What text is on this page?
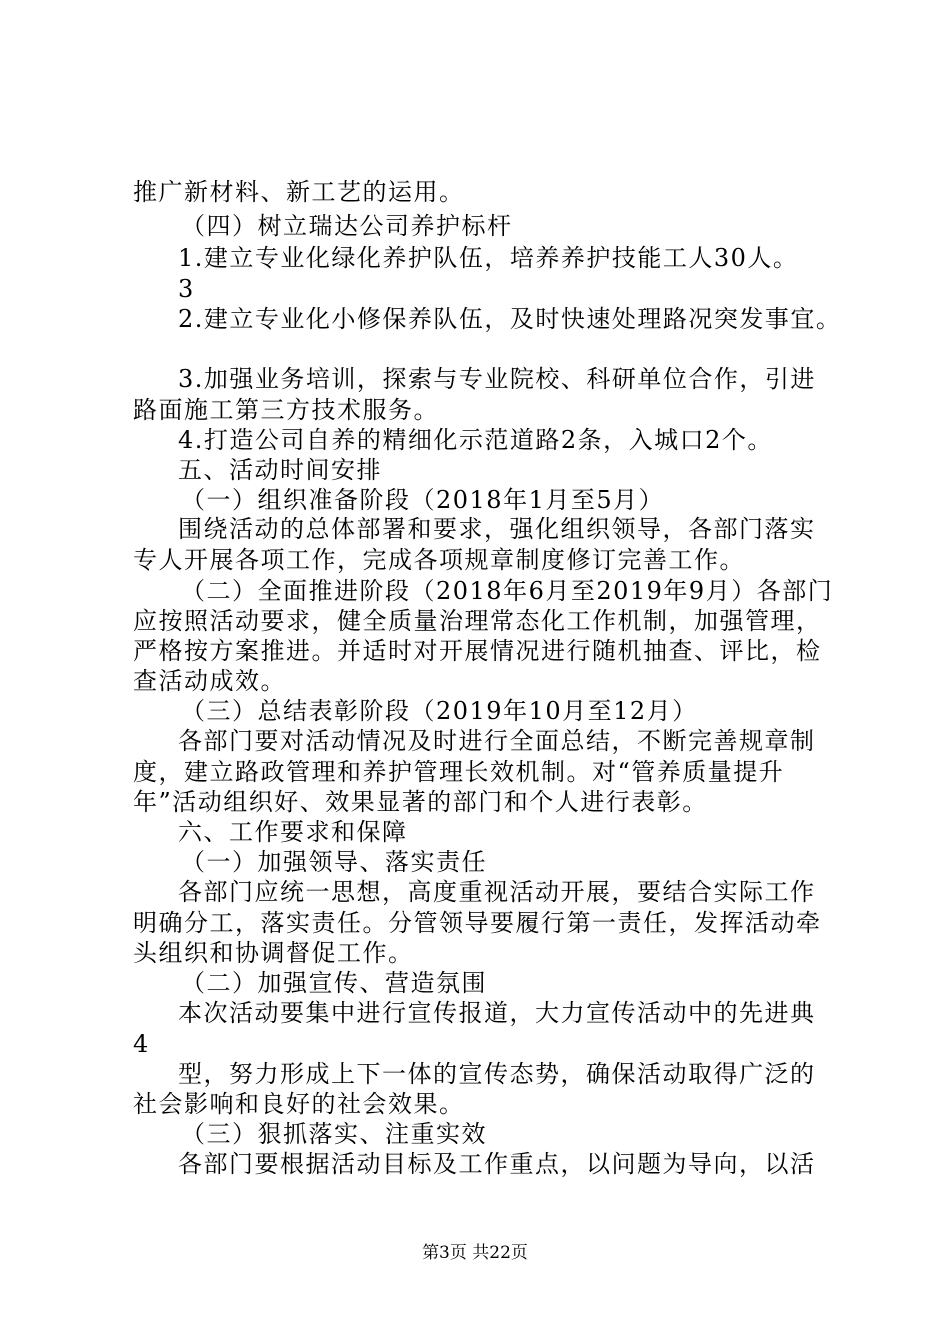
推广新材料、新工艺的运用。
（四）树立瑞达公司养护标杆
1.建立专业化绿化养护队伍，培养养护技能工人30人。
3
2.建立专业化小修保养队伍，及时快速处理路况突发事宜。
3.加强业务培训，探索与专业院校、科研单位合作，引进
路面施工第三方技术服务。
4.打造公司自养的精细化示范道路2条，入城口2个。
五、活动时间安排
（一）组织准备阶段（2018年1月至5月）
围绕活动的总体部署和要求，强化组织领导，各部门落实
专人开展各项工作，完成各项规章制度修订完善工作。
（二）全面推进阶段（2018年6月至2019年9月）各部门
应按照活动要求，健全质量治理常态化工作机制，加强管理，
严格按方案推进。并适时对开展情况进行随机抽查、评比，检
查活动成效。
（三）总结表彰阶段（2019年10月至12月）
各部门要对活动情况及时进行全面总结，不断完善规章制
度，建立路政管理和养护管理长效机制。对“管养质量提升
年”活动组织好、效果显著的部门和个人进行表彰。
六、工作要求和保障
（一）加强领导、落实责任
各部门应统一思想，高度重视活动开展，要结合实际工作
明确分工，落实责任。分管领导要履行第一责任，发挥活动牵
头组织和协调督促工作。
（二）加强宣传、营造氛围
本次活动要集中进行宣传报道，大力宣传活动中的先进典
4
型，努力形成上下一体的宣传态势，确保活动取得广泛的
社会影响和良好的社会效果。
（三）狠抓落实、注重实效
各部门要根据活动目标及工作重点，以问题为导向，以活
第3页 共22页
